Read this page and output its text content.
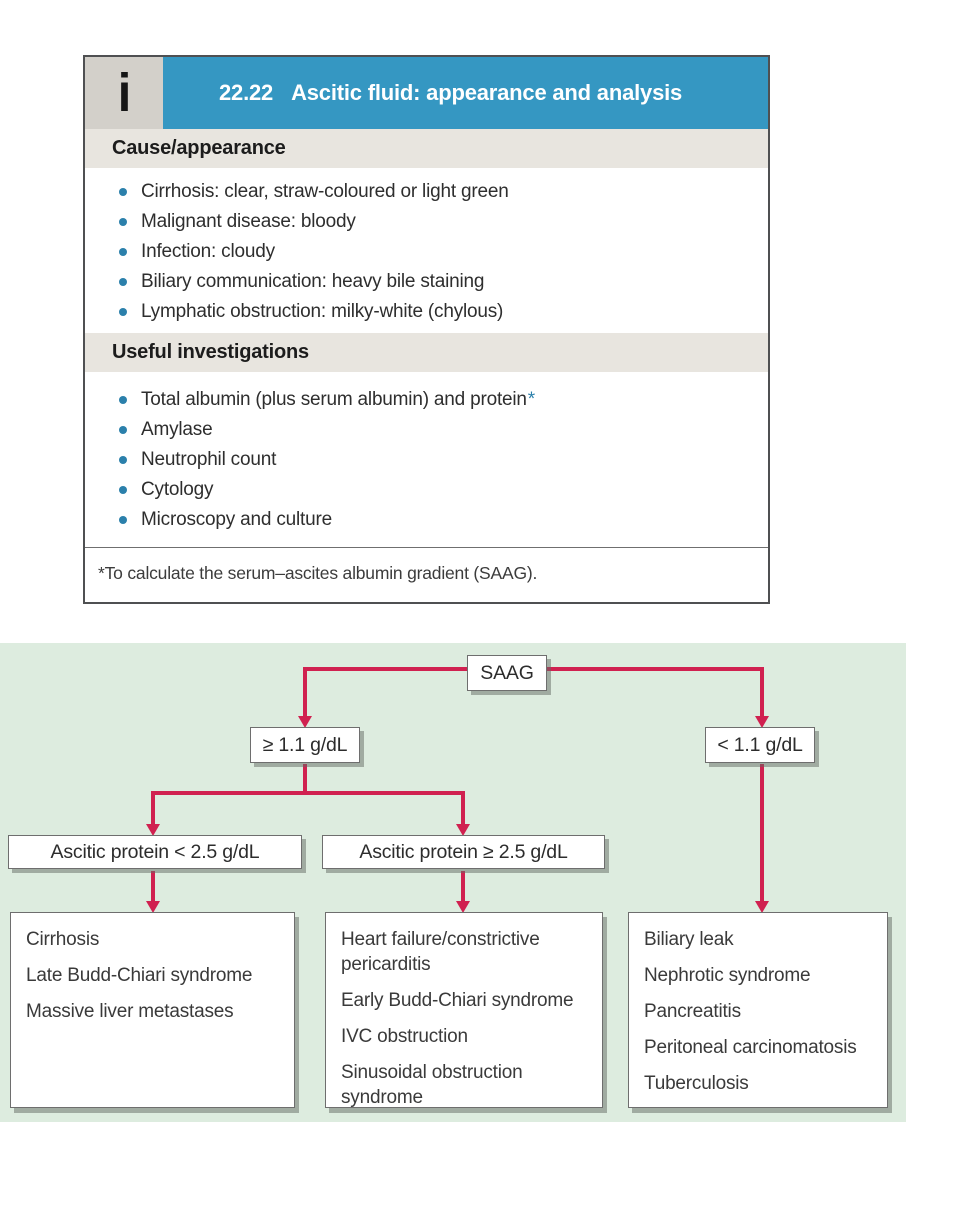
i	22.22 Ascitic fluid: appearance and analysis
Cause/appearance
Cirrhosis: clear, straw-coloured or light green
Malignant disease: bloody
Infection: cloudy
Biliary communication: heavy bile staining
Lymphatic obstruction: milky-white (chylous)
Useful investigations
Total albumin (plus serum albumin) and protein *
Amylase
Neutrophil count
Cytology
Microscopy and culture
*To calculate the serum–ascites albumin gradient (SAAG).
SAAG
≥ 1.1 g/dL	< 1.1 g/dL
Ascitic protein < 2.5 g/dL	Ascitic protein ≥ 2.5 g/dL
Cirrhosis
Late Budd-Chiari syndrome
Massive liver metastases
Heart failure/constrictive pericarditis
Early Budd-Chiari syndrome
IVC obstruction
Sinusoidal obstruction syndrome
Biliary leak
Nephrotic syndrome
Pancreatitis
Peritoneal carcinomatosis
Tuberculosis
